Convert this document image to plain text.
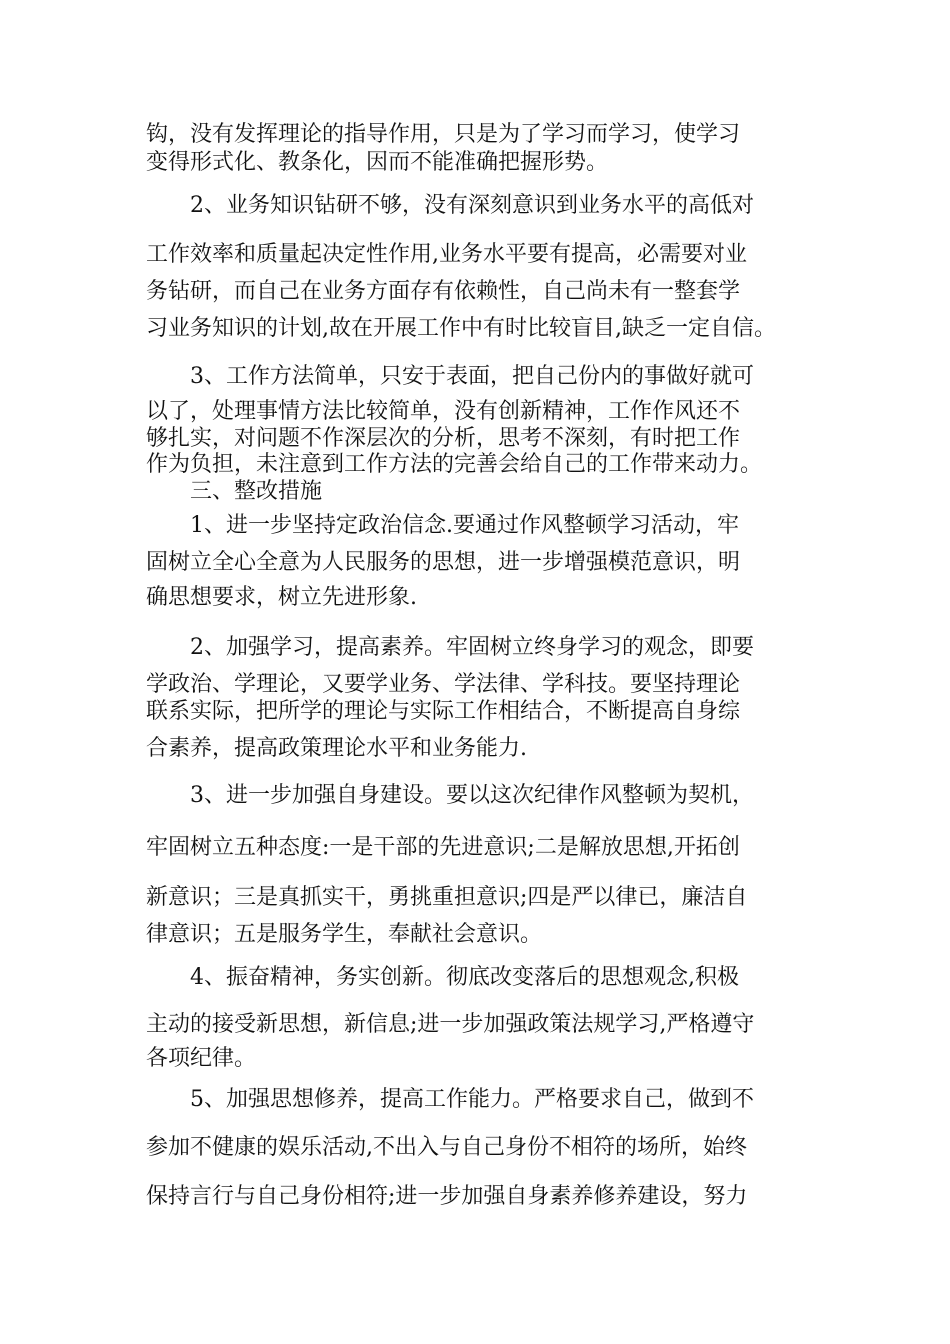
钩，没有发挥理论的指导作用，只是为了学习而学习，使学习

变得形式化、教条化，因而不能准确把握形势。

2、业务知识钻研不够，没有深刻意识到业务水平的高低对

工作效率和质量起决定性作用,业务水平要有提高，必需要对业

务钻研，而自己在业务方面存有依赖性，自己尚未有一整套学

习业务知识的计划,故在开展工作中有时比较盲目,缺乏一定自信。

3、工作方法简单，只安于表面，把自己份内的事做好就可

以了，处理事情方法比较简单，没有创新精神，工作作风还不

够扎实，对问题不作深层次的分析，思考不深刻，有时把工作

作为负担，未注意到工作方法的完善会给自己的工作带来动力。

三、整改措施

1、进一步坚持定政治信念.要通过作风整顿学习活动，牢

固树立全心全意为人民服务的思想，进一步增强模范意识，明

确思想要求，树立先进形象.

2、加强学习，提高素养。牢固树立终身学习的观念，即要

学政治、学理论，又要学业务、学法律、学科技。要坚持理论

联系实际，把所学的理论与实际工作相结合，不断提高自身综

合素养，提高政策理论水平和业务能力.

3、进一步加强自身建设。要以这次纪律作风整顿为契机，

牢固树立五种态度:一是干部的先进意识;二是解放思想,开拓创

新意识；三是真抓实干，勇挑重担意识;四是严以律已，廉洁自

律意识；五是服务学生，奉献社会意识。

4、振奋精神，务实创新。彻底改变落后的思想观念,积极

主动的接受新思想，新信息;进一步加强政策法规学习,严格遵守

各项纪律。

5、加强思想修养，提高工作能力。严格要求自己，做到不

参加不健康的娱乐活动,不出入与自己身份不相符的场所，始终

保持言行与自己身份相符;进一步加强自身素养修养建设，努力
